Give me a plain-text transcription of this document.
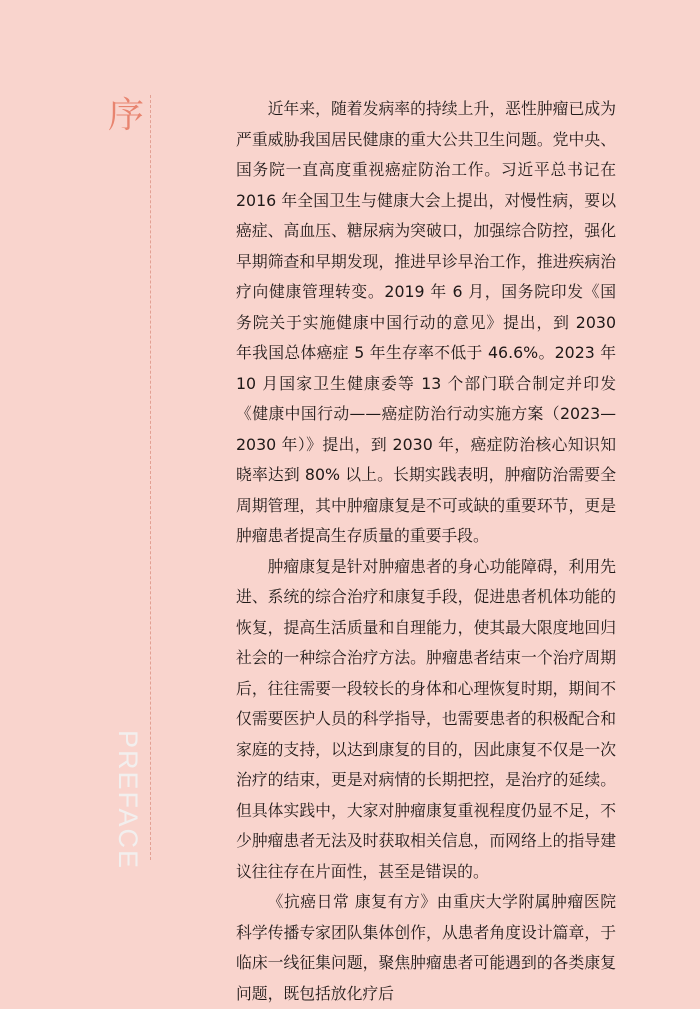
序
PREFACE

近年来，随着发病率的持续上升，恶性肿瘤已成为严重威胁我国居民健康的重大公共卫生问题。党中央、国务院一直高度重视癌症防治工作。习近平总书记在 2016 年全国卫生与健康大会上提出，对慢性病，要以癌症、高血压、糖尿病为突破口，加强综合防控，强化早期筛查和早期发现，推进早诊早治工作，推进疾病治疗向健康管理转变。2019 年 6 月，国务院印发《国务院关于实施健康中国行动的意见》提出，到 2030 年我国总体癌症 5 年生存率不低于 46.6%。2023 年 10 月国家卫生健康委等 13 个部门联合制定并印发《健康中国行动——癌症防治行动实施方案（2023—2030 年）》提出，到 2030 年，癌症防治核心知识知晓率达到 80% 以上。长期实践表明，肿瘤防治需要全周期管理，其中肿瘤康复是不可或缺的重要环节，更是肿瘤患者提高生存质量的重要手段。

肿瘤康复是针对肿瘤患者的身心功能障碍，利用先进、系统的综合治疗和康复手段，促进患者机体功能的恢复，提高生活质量和自理能力，使其最大限度地回归社会的一种综合治疗方法。肿瘤患者结束一个治疗周期后，往往需要一段较长的身体和心理恢复时期，期间不仅需要医护人员的科学指导，也需要患者的积极配合和家庭的支持，以达到康复的目的，因此康复不仅是一次治疗的结束，更是对病情的长期把控，是治疗的延续。但具体实践中，大家对肿瘤康复重视程度仍显不足，不少肿瘤患者无法及时获取相关信息，而网络上的指导建议往往存在片面性，甚至是错误的。

《抗癌日常 康复有方》由重庆大学附属肿瘤医院科学传播专家团队集体创作，从患者角度设计篇章，于临床一线征集问题，聚焦肿瘤患者可能遇到的各类康复问题，既包括放化疗后
